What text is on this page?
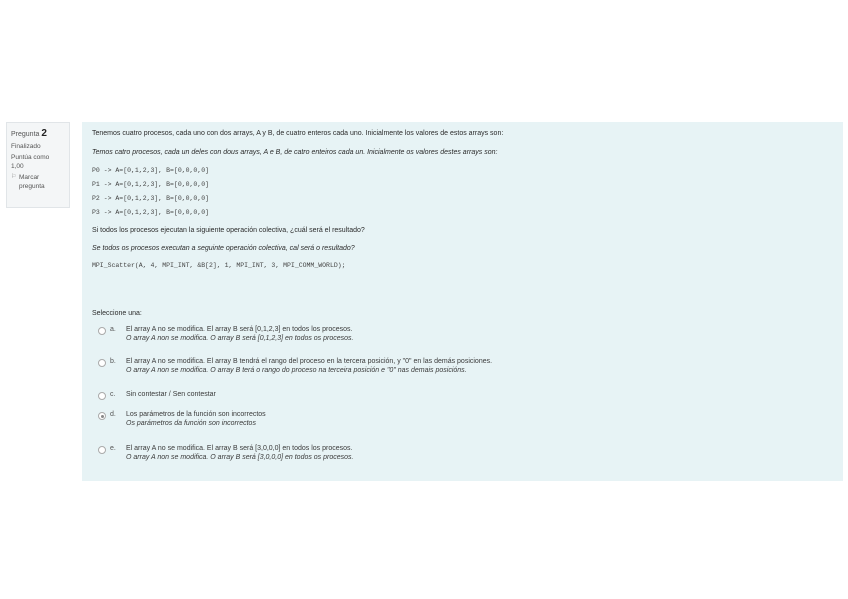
Pregunta 2
Finalizado
Puntúa como
1,00
⚐ Marcar pregunta
Tenemos cuatro procesos, cada uno con dos arrays, A y B, de cuatro enteros cada uno. Inicialmente los valores de estos arrays son:
Temos catro procesos, cada un deles con dous arrays, A e B, de catro enteiros cada un. Inicialmente os valores destes arrays son:
P0 -> A=[0,1,2,3], B=[0,0,0,0]
P1 -> A=[0,1,2,3], B=[0,0,0,0]
P2 -> A=[0,1,2,3], B=[0,0,0,0]
P3 -> A=[0,1,2,3], B=[0,0,0,0]
Si todos los procesos ejecutan la siguiente operación colectiva, ¿cuál será el resultado?
Se todos os procesos executan a seguinte operación colectiva, cal será o resultado?
MPI_Scatter(A, 4, MPI_INT, &B[2], 1, MPI_INT, 3, MPI_COMM_WORLD);
Seleccione una:
a. El array A no se modifica. El array B será [0,1,2,3] en todos los procesos.
O array A non se modifica. O array B será [0,1,2,3] en todos os procesos.
b. El array A no se modifica. El array B tendrá el rango del proceso en la tercera posición, y "0" en las demás posiciones.
O array A non se modifica. O array B terá o rango do proceso na terceira posición e "0" nas demais posicións.
c. Sin contestar / Sen contestar
d. Los parámetros de la función son incorrectos
Os parámetros da función son incorrectos
e. El array A no se modifica. El array B será [3,0,0,0] en todos los procesos.
O array A non se modifica. O array B será [3,0,0,0] en todos os procesos.
